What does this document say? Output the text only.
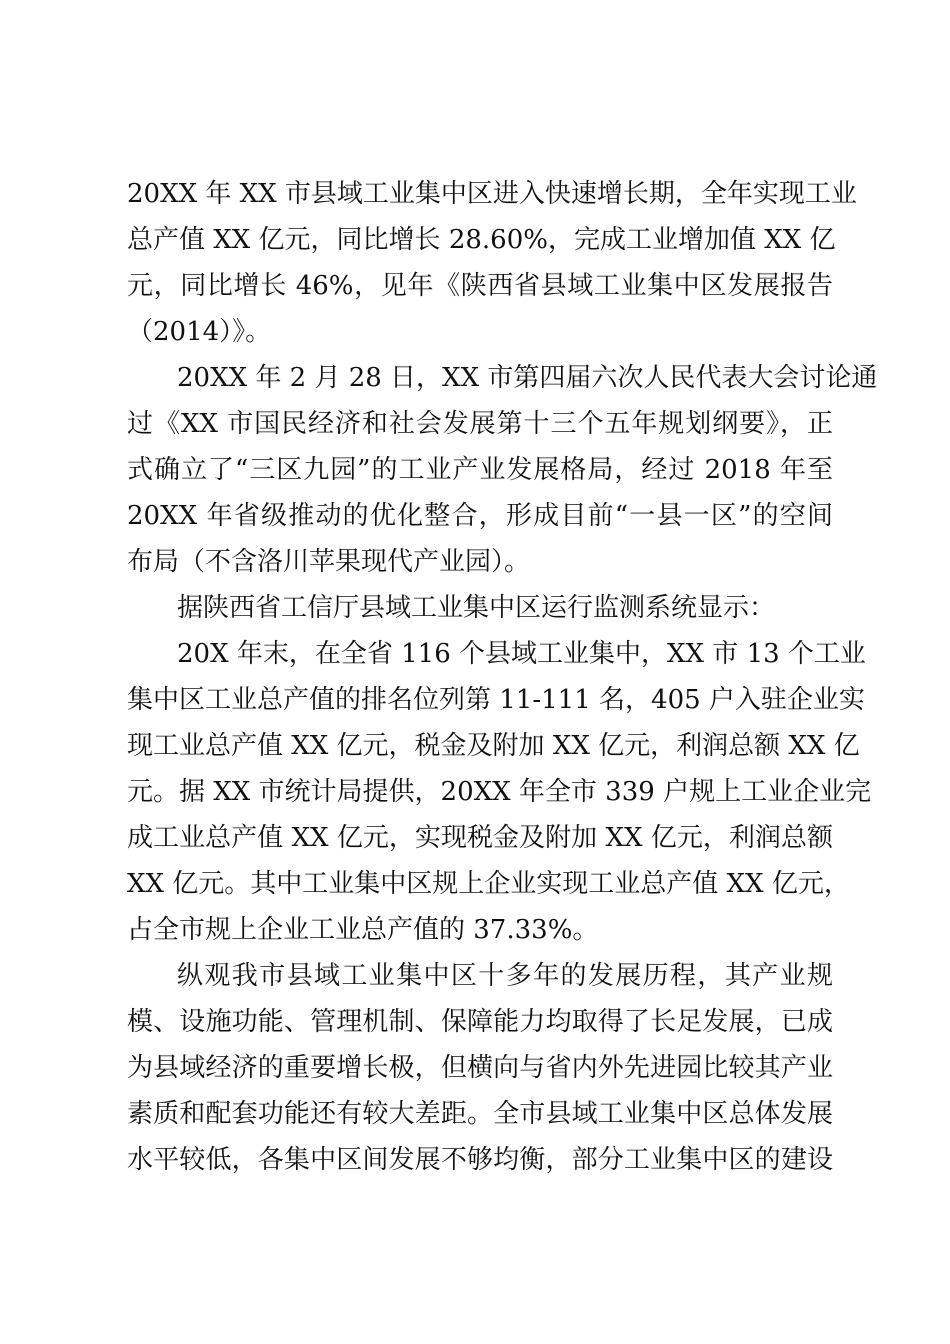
20XX 年 XX 市县域工业集中区进入快速增长期，全年实现工业
总产值 XX 亿元，同比增长 28.60%，完成工业增加值 XX 亿
元，同比增长 46%，见年《陕西省县域工业集中区发展报告
（2014）》。
20XX 年 2 月 28 日，XX 市第四届六次人民代表大会讨论通
过《XX 市国民经济和社会发展第十三个五年规划纲要》，正
式确立了“三区九园”的工业产业发展格局，经过 2018 年至
20XX 年省级推动的优化整合，形成目前“一县一区”的空间
布局（不含洛川苹果现代产业园）。
据陕西省工信厅县域工业集中区运行监测系统显示：
20X 年末，在全省 116 个县域工业集中，XX 市 13 个工业
集中区工业总产值的排名位列第 11-111 名，405 户入驻企业实
现工业总产值 XX 亿元，税金及附加 XX 亿元，利润总额 XX 亿
元。据 XX 市统计局提供，20XX 年全市 339 户规上工业企业完
成工业总产值 XX 亿元，实现税金及附加 XX 亿元，利润总额
XX 亿元。其中工业集中区规上企业实现工业总产值 XX 亿元，
占全市规上企业工业总产值的 37.33%。
纵观我市县域工业集中区十多年的发展历程，其产业规
模、设施功能、管理机制、保障能力均取得了长足发展，已成
为县域经济的重要增长极，但横向与省内外先进园比较其产业
素质和配套功能还有较大差距。全市县域工业集中区总体发展
水平较低，各集中区间发展不够均衡，部分工业集中区的建设
